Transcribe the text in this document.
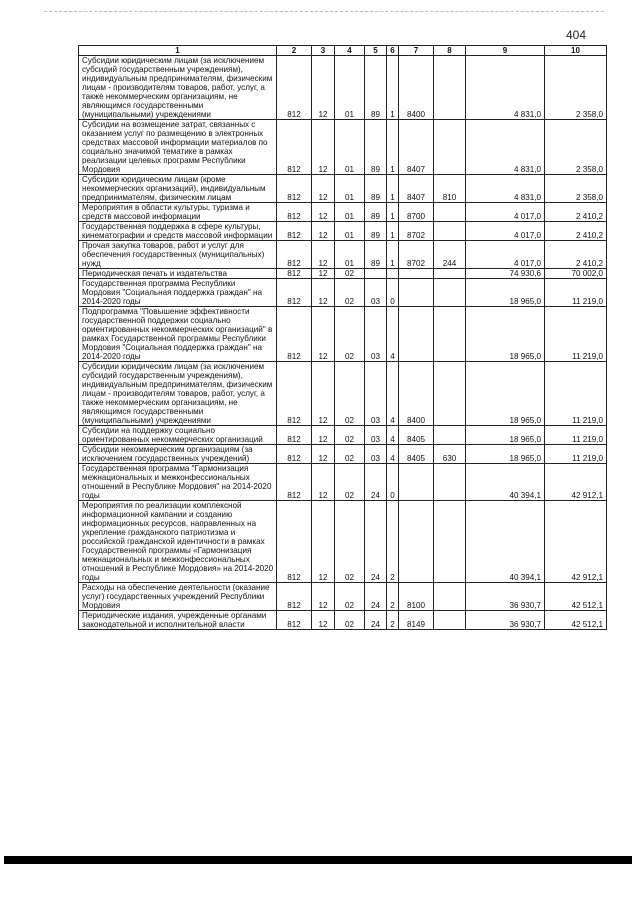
404
1	2	3	4	5	6	7	8	9	10
Субсидии юридическим лицам (за исключением субсидий государственным учреждениям), индивидуальным предпринимателям, физическим лицам - производителям товаров, работ, услуг, а также некоммерческим организациям, не являющимся государственными (муниципальными) учреждениями	812	12	01	89	1	8400		4 831,0	2 358,0
Субсидии на возмещение затрат, связанных с оказанием услуг по размещению в электронных средствах массовой информации материалов по социально значимой тематике в рамках реализации целевых программ Республики Мордовия	812	12	01	89	1	8407		4 831,0	2 358,0
Субсидии юридическим лицам (кроме некоммерческих организаций), индивидуальным предпринимателям, физическим лицам	812	12	01	89	1	8407	810	4 831,0	2 358,0
Мероприятия в области культуры, туризма и средств массовой информации	812	12	01	89	1	8700		4 017,0	2 410,2
Государственная поддержка в сфере культуры, кинематографии и средств массовой информации	812	12	01	89	1	8702		4 017,0	2 410,2
Прочая закупка товаров, работ и услуг для обеспечения государственных (муниципальных) нужд	812	12	01	89	1	8702	244	4 017,0	2 410,2
Периодическая печать и издательства	812	12	02					74 930,6	70 002,0
Государственная программа Республики Мордовия "Социальная поддержка граждан" на 2014-2020 годы	812	12	02	03	0			18 965,0	11 219,0
Подпрограмма "Повышение эффективности государственной поддержки социально ориентированных некоммерческих организаций" в рамках Государственной программы Республики Мордовия "Социальная поддержка граждан" на 2014-2020 годы	812	12	02	03	4			18 965,0	11 219,0
Субсидии юридическим лицам (за исключением субсидий государственным учреждениям), индивидуальным предпринимателям, физическим лицам - производителям товаров, работ, услуг, а также некоммерческим организациям, не являющимся государственными (муниципальными) учреждениями	812	12	02	03	4	8400		18 965,0	11 219,0
Субсидии на поддержку социально ориентированных некоммерческих организаций	812	12	02	03	4	8405		18 965,0	11 219,0
Субсидии некоммерческим организациям (за исключением государственных учреждений)	812	12	02	03	4	8405	630	18 965,0	11 219,0
Государственная программа "Гармонизация межнациональных и межконфессиональных отношений в Республике Мордовия" на 2014-2020 годы	812	12	02	24	0			40 394,1	42 912,1
Мероприятия по реализации комплексной информационной кампании и созданию информационных ресурсов, направленных на укрепление гражданского патриотизма и российской гражданской идентичности в рамках Государственной программы «Гармонизация межнациональных и межконфессиональных отношений в Республике Мордовия» на 2014-2020 годы	812	12	02	24	2			40 394,1	42 912,1
Расходы на обеспечение деятельности (оказание услуг) государственных учреждений Республики Мордовия	812	12	02	24	2	8100		36 930,7	42 512,1
Периодические издания, учрежденные органами законодательной и исполнительной власти	812	12	02	24	2	8149		36 930,7	42 512,1
